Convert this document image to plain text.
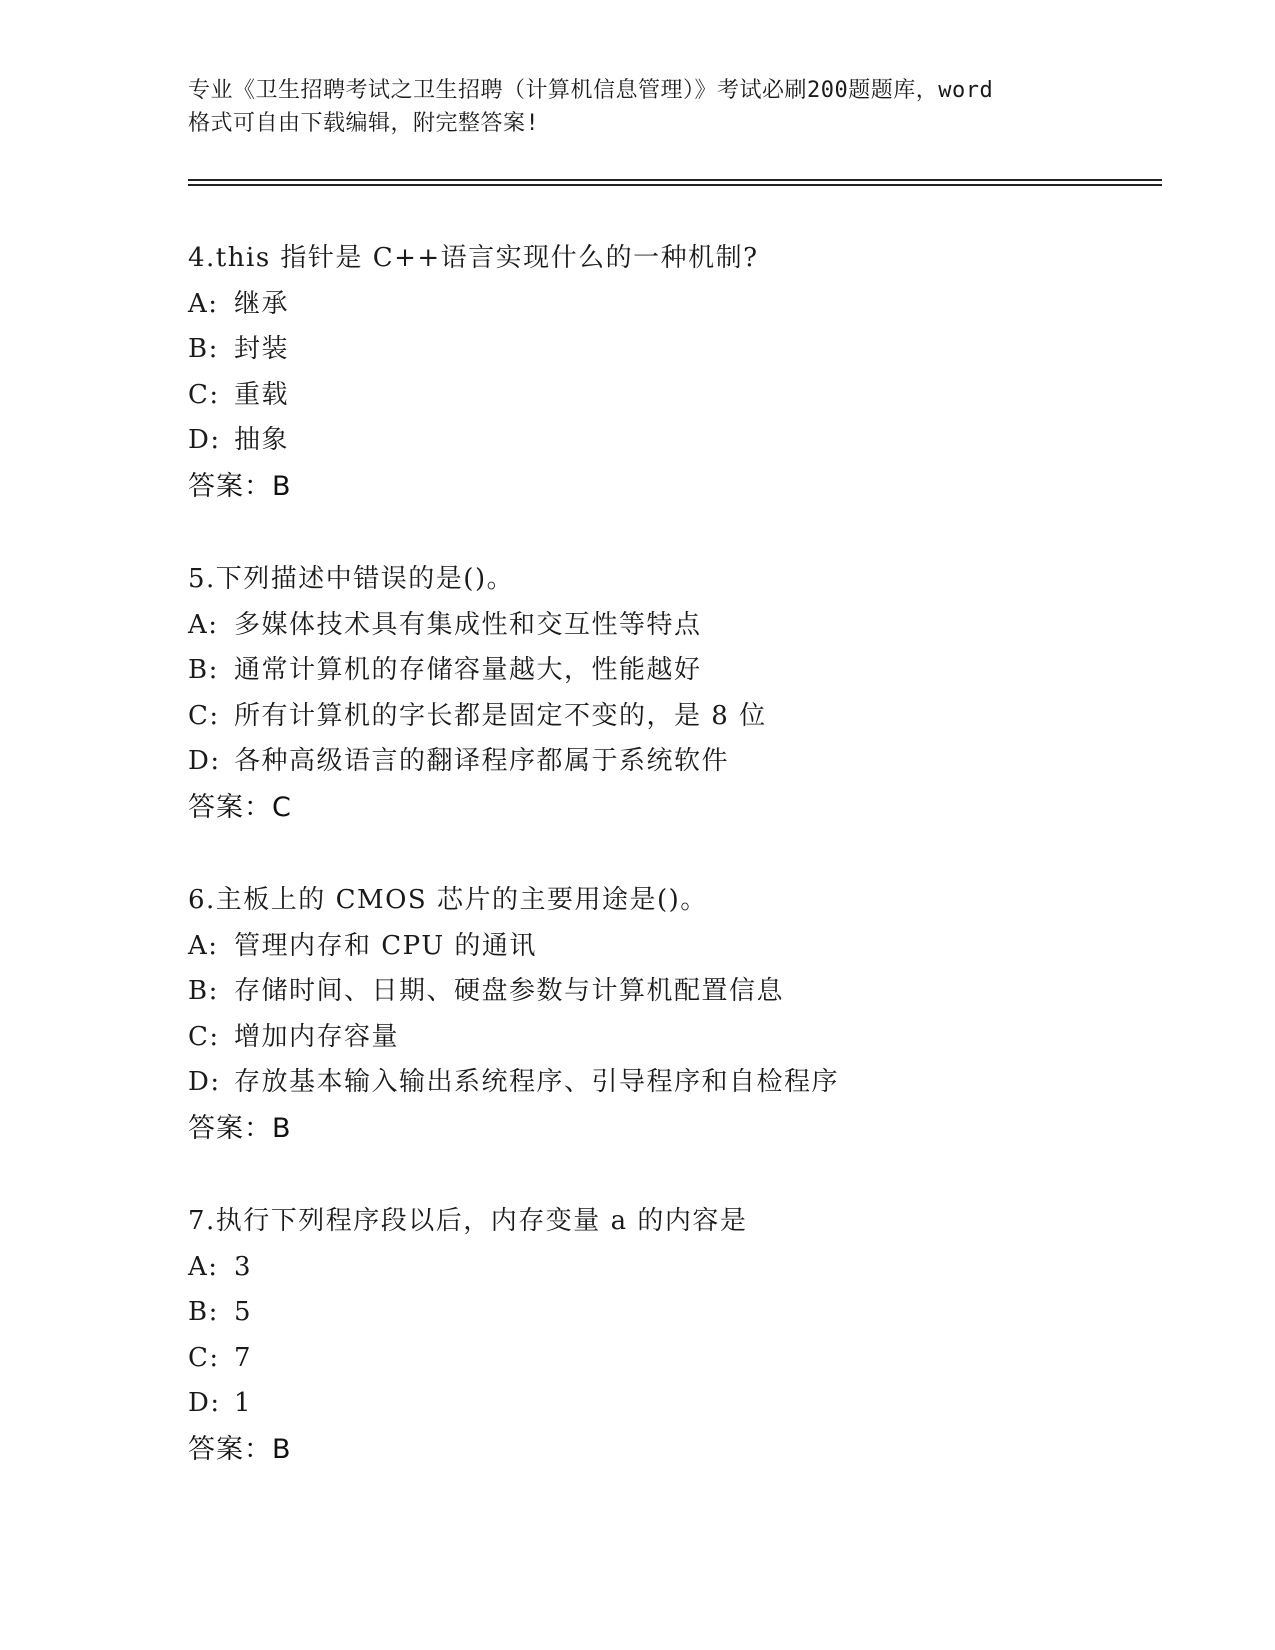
专业《卫生招聘考试之卫生招聘（计算机信息管理）》考试必刷200题题库，word
格式可自由下载编辑，附完整答案!
4.this 指针是 C++语言实现什么的一种机制?
A: 继承
B: 封装
C: 重载
D: 抽象
答案：B
5.下列描述中错误的是()。
A: 多媒体技术具有集成性和交互性等特点
B: 通常计算机的存储容量越大，性能越好
C: 所有计算机的字长都是固定不变的，是 8 位
D: 各种高级语言的翻译程序都属于系统软件
答案：C
6.主板上的 CMOS 芯片的主要用途是()。
A: 管理内存和 CPU 的通讯
B: 存储时间、日期、硬盘参数与计算机配置信息
C: 增加内存容量
D: 存放基本输入输出系统程序、引导程序和自检程序
答案：B
7.执行下列程序段以后，内存变量 a 的内容是
A: 3
B: 5
C: 7
D: 1
答案：B
